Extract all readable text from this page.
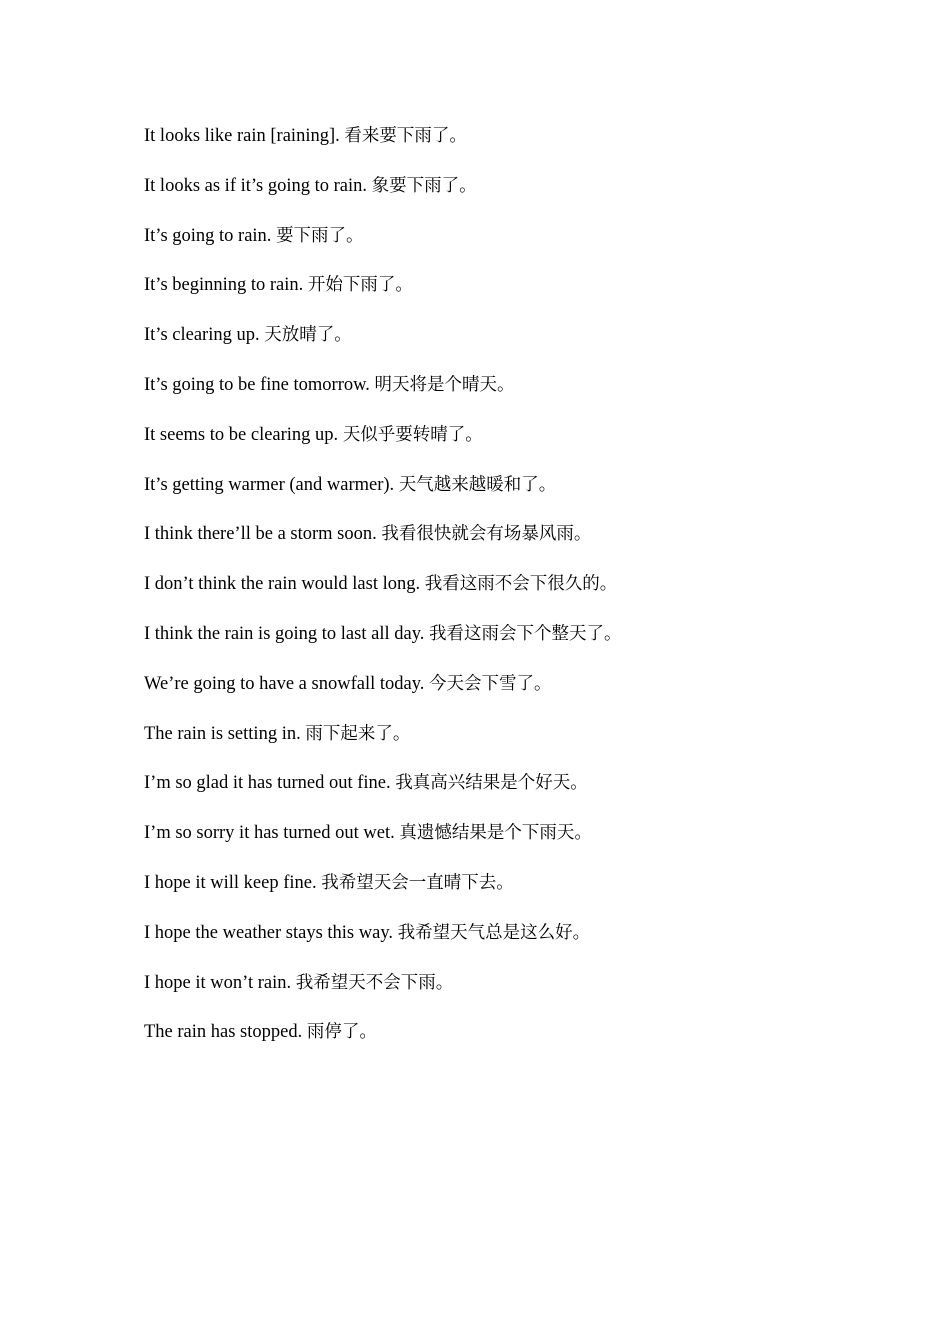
It looks like rain [raining]. 看来要下雨了。
It looks as if it’s going to rain. 象要下雨了。
It’s going to rain. 要下雨了。
It’s beginning to rain. 开始下雨了。
It’s clearing up. 天放晴了。
It’s going to be fine tomorrow. 明天将是个晴天。
It seems to be clearing up. 天似乎要转晴了。
It’s getting warmer (and warmer). 天气越来越暖和了。
I think there’ll be a storm soon. 我看很快就会有场暴风雨。
I don’t think the rain would last long. 我看这雨不会下很久的。
I think the rain is going to last all day. 我看这雨会下个整天了。
We’re going to have a snowfall today. 今天会下雪了。
The rain is setting in. 雨下起来了。
I’m so glad it has turned out fine. 我真高兴结果是个好天。
I’m so sorry it has turned out wet. 真遗憾结果是个下雨天。
I hope it will keep fine. 我希望天会一直晴下去。
I hope the weather stays this way. 我希望天气总是这么好。
I hope it won’t rain. 我希望天不会下雨。
The rain has stopped. 雨停了。
